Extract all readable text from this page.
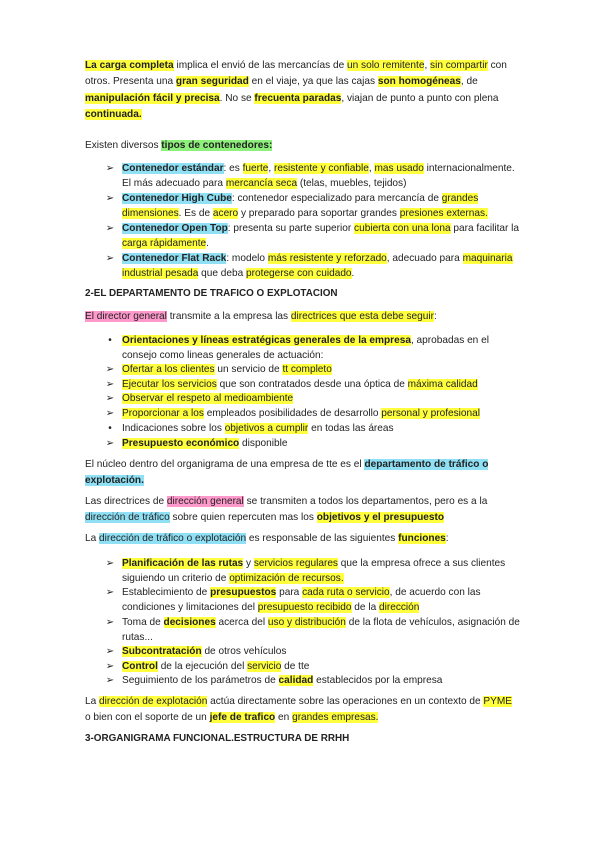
La carga completa implica el envió de las mercancías de un solo remitente, sin compartir con otros. Presenta una gran seguridad en el viaje, ya que las cajas son homogéneas, de manipulación fácil y precisa. No se frecuenta paradas, viajan de punto a punto con plena continuada.

Existen diversos tipos de contenedores:

➢ Contenedor estándar: es fuerte, resistente y confiable, mas usado internacionalmente. El más adecuado para mercancía seca (telas, muebles, tejidos)
➢ Contenedor High Cube: contenedor especializado para mercancía de grandes dimensiones. Es de acero y preparado para soportar grandes presiones externas.
➢ Contenedor Open Top: presenta su parte superior cubierta con una lona para facilitar la carga rápidamente.
➢ Contenedor Flat Rack: modelo más resistente y reforzado, adecuado para maquinaria industrial pesada que deba protegerse con cuidado.
2-EL DEPARTAMENTO DE TRAFICO O EXPLOTACION

El director general transmite a la empresa las directrices que esta debe seguir:

•	Orientaciones y líneas estratégicas generales de la empresa, aprobadas en el consejo como lineas generales de actuación:
➢ Ofertar a los clientes un servicio de tt completo
➢ Ejecutar los servicios que son contratados desde una óptica de máxima calidad
➢ Observar el respeto al medioambiente
➢ Proporcionar a los empleados posibilidades de desarrollo personal y profesional
•	Indicaciones sobre los objetivos a cumplir en todas las áreas
➢ Presupuesto económico disponible

El núcleo dentro del organigrama de una empresa de tte es el departamento de tráfico o explotación.

Las directrices de dirección general se transmiten a todos los departamentos, pero es a la dirección de tráfico sobre quien repercuten mas los objetivos y el presupuesto

La dirección de tráfico o explotación es responsable de las siguientes funciones:

➢ Planificación de las rutas y servicios regulares que la empresa ofrece a sus clientes siguiendo un criterio de optimización de recursos.
➢ Establecimiento de presupuestos para cada ruta o servicio, de acuerdo con las condiciones y limitaciones del presupuesto recibido de la dirección
➢ Toma de decisiones acerca del uso y distribución de la flota de vehículos, asignación de rutas...
➢ Subcontratación de otros vehículos
➢ Control de la ejecución del servicio de tte
➢ Seguimiento de los parámetros de calidad establecidos por la empresa

La dirección de explotación actúa directamente sobre las operaciones en un contexto de PYME o bien con el soporte de un jefe de trafico en grandes empresas.

3-ORGANIGRAMA FUNCIONAL.ESTRUCTURA DE RRHH
